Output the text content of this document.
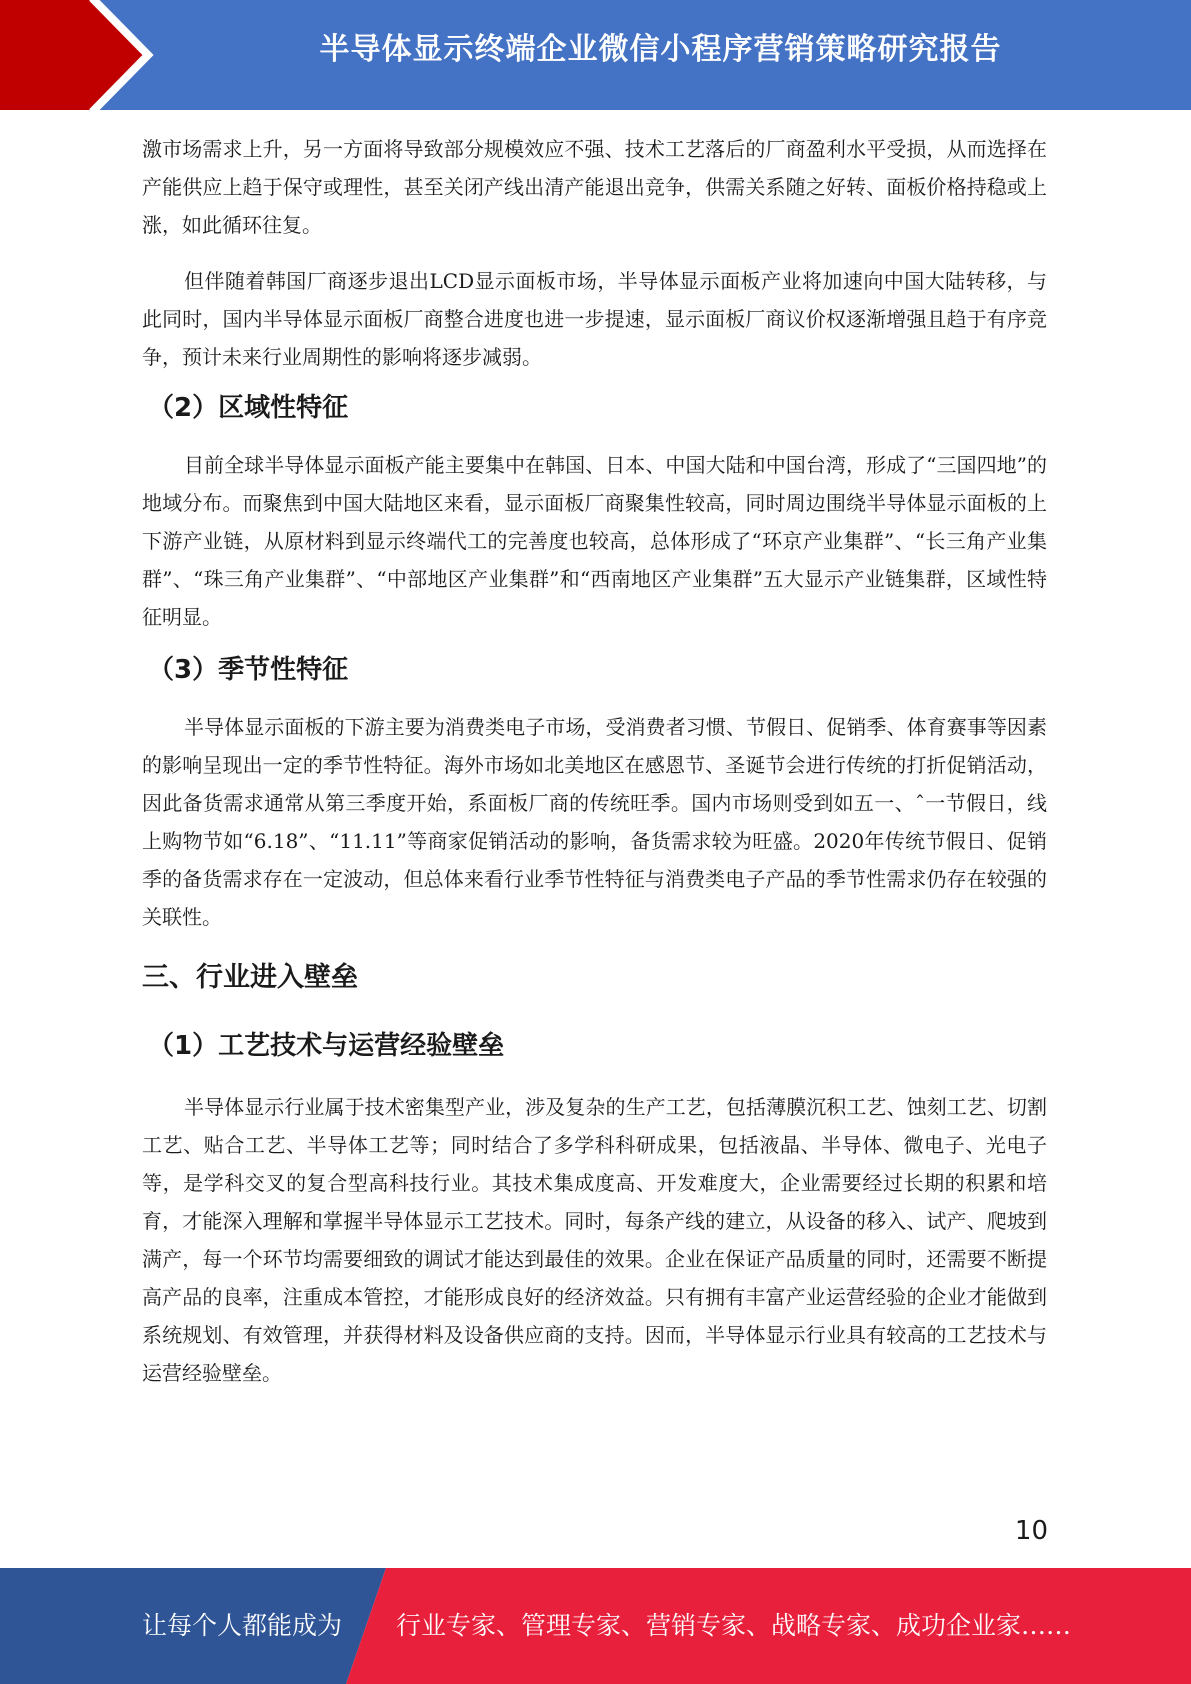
半导体显示终端企业微信小程序营销策略研究报告

激市场需求上升，另一方面将导致部分规模效应不强、技术工艺落后的厂商盈利水平受损，从而选择在产能供应上趋于保守或理性，甚至关闭产线出清产能退出竞争，供需关系随之好转、面板价格持稳或上涨，如此循环往复。

但伴随着韩国厂商逐步退出LCD显示面板市场，半导体显示面板产业将加速向中国大陆转移，与此同时，国内半导体显示面板厂商整合进度也进一步提速，显示面板厂商议价权逐渐增强且趋于有序竞争，预计未来行业周期性的影响将逐步减弱。

（2）区域性特征

目前全球半导体显示面板产能主要集中在韩国、日本、中国大陆和中国台湾，形成了“三国四地”的地域分布。而聚焦到中国大陆地区来看，显示面板厂商聚集性较高，同时周边围绕半导体显示面板的上下游产业链，从原材料到显示终端代工的完善度也较高，总体形成了“环京产业集群”、“长三角产业集群”、“珠三角产业集群”、“中部地区产业集群”和“西南地区产业集群”五大显示产业链集群，区域性特征明显。

（3）季节性特征

半导体显示面板的下游主要为消费类电子市场，受消费者习惯、节假日、促销季、体育赛事等因素的影响呈现出一定的季节性特征。海外市场如北美地区在感恩节、圣诞节会进行传统的打折促销活动，因此备货需求通常从第三季度开始，系面板厂商的传统旺季。国内市场则受到如五一、ˆ一节假日，线上购物节如“6.18”、“11.11”等商家促销活动的影响，备货需求较为旺盛。2020年传统节假日、促销季的备货需求存在一定波动，但总体来看行业季节性特征与消费类电子产品的季节性需求仍存在较强的关联性。

三、行业进入壁垒
（1）工艺技术与运营经验壁垒

半导体显示行业属于技术密集型产业，涉及复杂的生产工艺，包括薄膜沉积工艺、蚀刻工艺、切割工艺、贴合工艺、半导体工艺等；同时结合了多学科科研成果，包括液晶、半导体、微电子、光电子等，是学科交叉的复合型高科技行业。其技术集成度高、开发难度大，企业需要经过长期的积累和培育，才能深入理解和掌握半导体显示工艺技术。同时，每条产线的建立，从设备的移入、试产、爬坡到满产，每一个环节均需要细致的调试才能达到最佳的效果。企业在保证产品质量的同时，还需要不断提高产品的良率，注重成本管控，才能形成良好的经济效益。只有拥有丰富产业运营经验的企业才能做到系统规划、有效管理，并获得材料及设备供应商的支持。因而，半导体显示行业具有较高的工艺技术与运营经验壁垒。

10
让每个人都能成为 行业专家、管理专家、营销专家、战略专家、成功企业家……
